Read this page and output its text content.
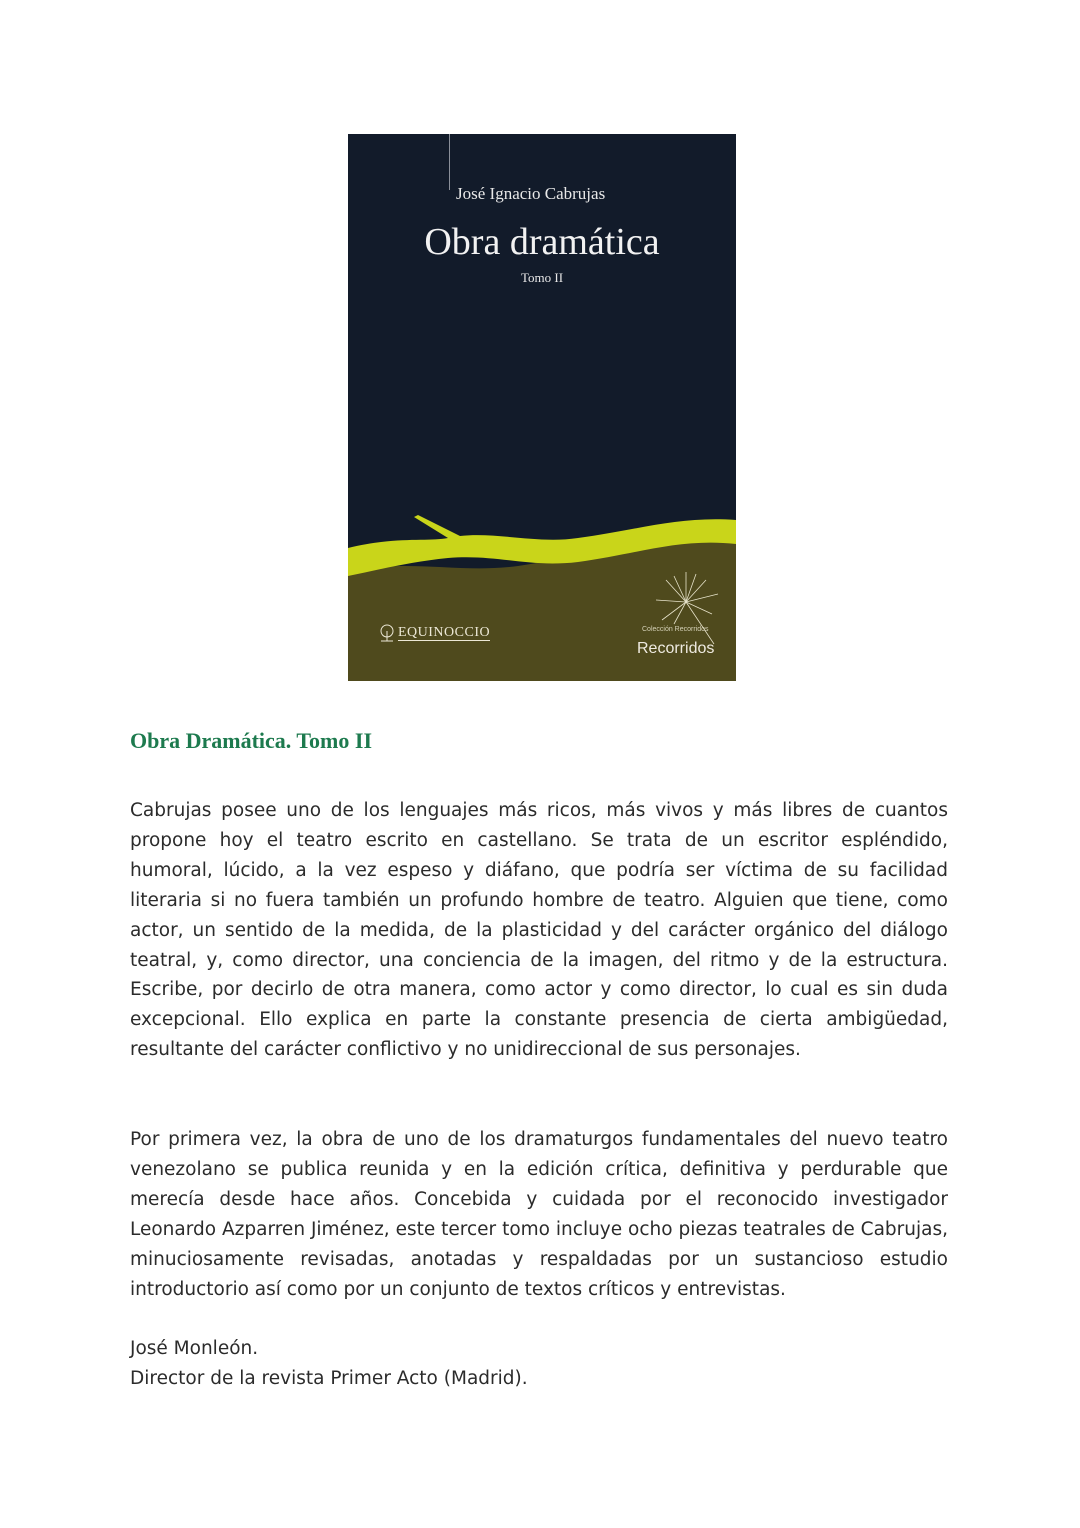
José Ignacio Cabrujas
Obra dramática
Tomo II
EQUINOCCIO	Colección Recorridos
Recorridos
Obra Dramática. Tomo II

Cabrujas posee uno de los lenguajes más ricos, más vivos y más libres de cuantos propone hoy el teatro escrito en castellano. Se trata de un escritor espléndido, humoral, lúcido, a la vez espeso y diáfano, que podría ser víctima de su facilidad literaria si no fuera también un profundo hombre de teatro. Alguien que tiene, como actor, un sentido de la medida, de la plasticidad y del carácter orgánico del diálogo teatral, y, como director, una conciencia de la imagen, del ritmo y de la estructura. Escribe, por decirlo de otra manera, como actor y como director, lo cual es sin duda excepcional. Ello explica en parte la constante presencia de cierta ambigüedad, resultante del carácter conflictivo y no unidireccional de sus personajes.

Por primera vez, la obra de uno de los dramaturgos fundamentales del nuevo teatro venezolano se publica reunida y en la edición crítica, definitiva y perdurable que merecía desde hace años. Concebida y cuidada por el reconocido investigador Leonardo Azparren Jiménez, este tercer tomo incluye ocho piezas teatrales de Cabrujas, minuciosamente revisadas, anotadas y respaldadas por un sustancioso estudio introductorio así como por un conjunto de textos críticos y entrevistas.

José Monleón.
Director de la revista Primer Acto (Madrid).
